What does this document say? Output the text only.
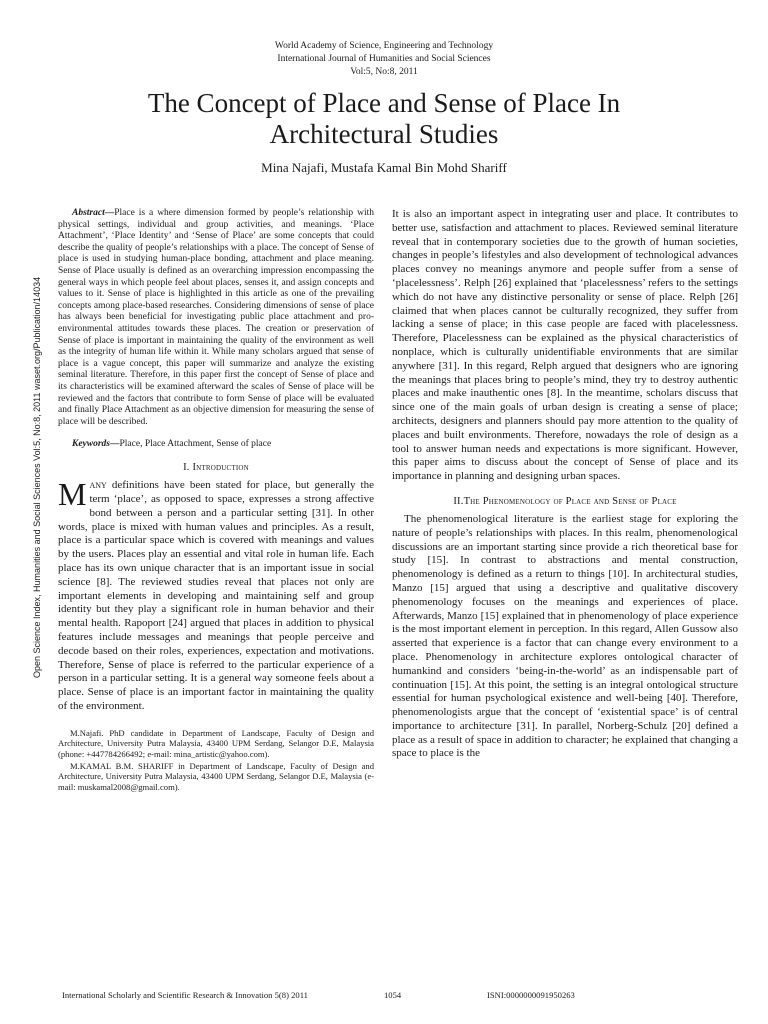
World Academy of Science, Engineering and Technology
International Journal of Humanities and Social Sciences
Vol:5, No:8, 2011
The Concept of Place and Sense of Place In
Architectural Studies
Mina Najafi, Mustafa Kamal Bin Mohd Shariff
Open Science Index, Humanities and Social Sciences Vol:5, No:8, 2011 waset.org/Publication/14034

Abstract—Place is a where dimension formed by people’s relationship with physical settings, individual and group activities, and meanings. ‘Place Attachment’, ‘Place Identity’ and ‘Sense of Place’ are some concepts that could describe the quality of people’s relationships with a place. The concept of Sense of place is used in studying human-place bonding, attachment and place meaning. Sense of Place usually is defined as an overarching impression encompassing the general ways in which people feel about places, senses it, and assign concepts and values to it. Sense of place is highlighted in this article as one of the prevailing concepts among place-based researches. Considering dimensions of sense of place has always been beneficial for investigating public place attachment and pro-environmental attitudes towards these places. The creation or preservation of Sense of place is important in maintaining the quality of the environment as well as the integrity of human life within it. While many scholars argued that sense of place is a vague concept, this paper will summarize and analyze the existing seminal literature. Therefore, in this paper first the concept of Sense of place and its characteristics will be examined afterward the scales of Sense of place will be reviewed and the factors that contribute to form Sense of place will be evaluated and finally Place Attachment as an objective dimension for measuring the sense of place will be described.

Keywords—Place, Place Attachment, Sense of place

I. Introduction

Many definitions have been stated for place, but generally the term ‘place’, as opposed to space, expresses a strong affective bond between a person and a particular setting [31]. In other words, place is mixed with human values and principles. As a result, place is a particular space which is covered with meanings and values by the users. Places play an essential and vital role in human life. Each place has its own unique character that is an important issue in social science [8]. The reviewed studies reveal that places not only are important elements in developing and maintaining self and group identity but they play a significant role in human behavior and their mental health. Rapoport [24] argued that places in addition to physical features include messages and meanings that people perceive and decode based on their roles, experiences, expectation and motivations. Therefore, Sense of place is referred to the particular experience of a person in a particular setting. It is a general way someone feels about a place. Sense of place is an important factor in maintaining the quality of the environment.

M.Najafi. PhD candidate in Department of Landscape, Faculty of Design and Architecture, University Putra Malaysia, 43400 UPM Serdang, Selangor D.E, Malaysia (phone: +447784266492; e-mail: mina_artistic@yahoo.com).

M.KAMAL B.M. SHARIFF in Department of Landscape, Faculty of Design and Architecture, University Putra Malaysia, 43400 UPM Serdang, Selangor D.E, Malaysia (e-mail: muskamal2008@gmail.com).

It is also an important aspect in integrating user and place. It contributes to better use, satisfaction and attachment to places. Reviewed seminal literature reveal that in contemporary societies due to the growth of human societies, changes in people’s lifestyles and also development of technological advances places convey no meanings anymore and people suffer from a sense of ‘placelessness’. Relph [26] explained that ‘placelessness’ refers to the settings which do not have any distinctive personality or sense of place. Relph [26] claimed that when places cannot be culturally recognized, they suffer from lacking a sense of place; in this case people are faced with placelessness. Therefore, Placelessness can be explained as the physical characteristics of nonplace, which is culturally unidentifiable environments that are similar anywhere [31]. In this regard, Relph argued that designers who are ignoring the meanings that places bring to people’s mind, they try to destroy authentic places and make inauthentic ones [8]. In the meantime, scholars discuss that since one of the main goals of urban design is creating a sense of place; architects, designers and planners should pay more attention to the quality of places and built environments. Therefore, nowadays the role of design as a tool to answer human needs and expectations is more significant. However, this paper aims to discuss about the concept of Sense of place and its importance in planning and designing urban spaces.

II.The Phenomenology of Place and Sense of Place

The phenomenological literature is the earliest stage for exploring the nature of people’s relationships with places. In this realm, phenomenological discussions are an important starting since provide a rich theoretical base for study [15]. In contrast to abstractions and mental construction, phenomenology is defined as a return to things [10]. In architectural studies, Manzo [15] argued that using a descriptive and qualitative discovery phenomenology focuses on the meanings and experiences of place. Afterwards, Manzo [15] explained that in phenomenology of place experience is the most important element in perception. In this regard, Allen Gussow also asserted that experience is a factor that can change every environment to a place. Phenomenology in architecture explores ontological character of humankind and considers ‘being-in-the-world’ as an indispensable part of continuation [15]. At this point, the setting is an integral ontological structure essential for human psychological existence and well-being [40]. Therefore, phenomenologists argue that the concept of ‘existential space’ is of central importance to architecture [31]. In parallel, Norberg-Schulz [20] defined a place as a result of space in addition to character; he explained that changing a space to place is the

International Scholarly and Scientific Research & Innovation 5(8) 2011	1054	ISNI:0000000091950263
